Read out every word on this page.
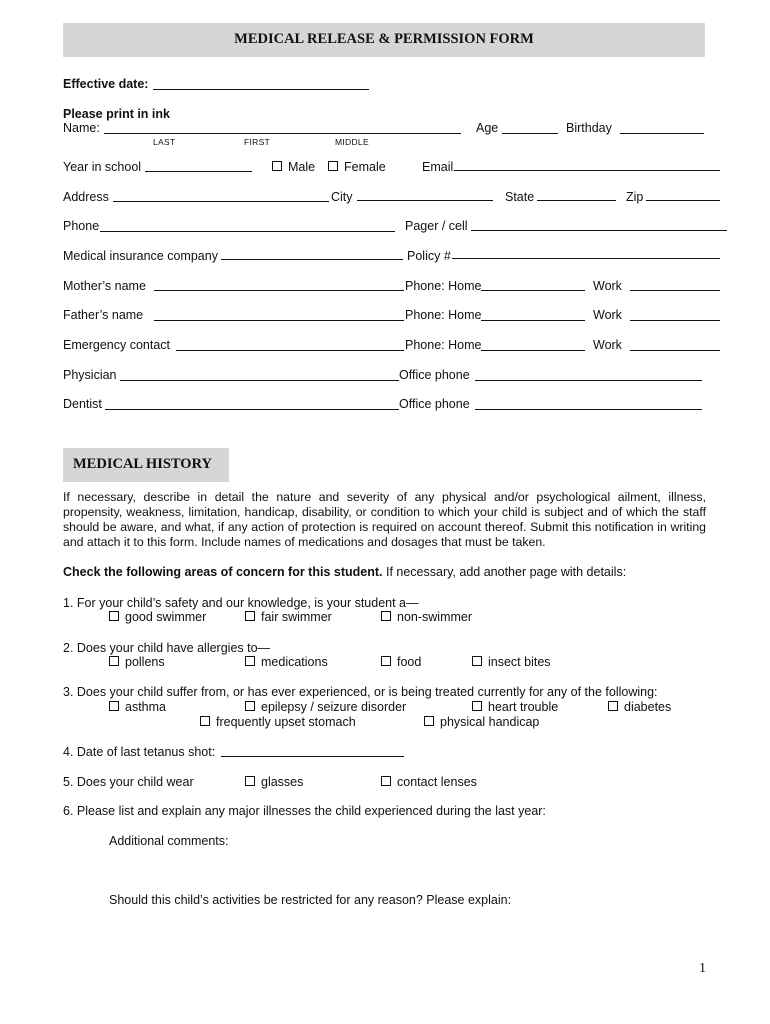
MEDICAL RELEASE & PERMISSION FORM
Effective date:
Please print in ink
Name:	Age	Birthday
LAST	FIRST	MIDDLE
Year in school	Male	Female	Email
Address	City	State	Zip
Phone	Pager / cell
Medical insurance company	Policy #
Mother’s name	Phone: Home	Work
Father’s name	Phone: Home	Work
Emergency contact	Phone: Home	Work
Physician	Office phone
Dentist	Office phone
MEDICAL HISTORY
If necessary, describe in detail the nature and severity of any physical and/or psychological ailment, illness, propensity, weakness, limitation, handicap, disability, or condition to which your child is subject and of which the staff should be aware, and what, if any action of protection is required on account thereof. Submit this notification in writing and attach it to this form. Include names of medications and dosages that must be taken.
Check the following areas of concern for this student. If necessary, add another page with details:
1. For your child’s safety and our knowledge, is your student a—
good swimmer	fair swimmer	non-swimmer
2. Does your child have allergies to—
pollens	medications	food	insect bites
3. Does your child suffer from, or has ever experienced, or is being treated currently for any of the following:
asthma	epilepsy / seizure disorder	heart trouble	diabetes
frequently upset stomach	physical handicap
4. Date of last tetanus shot:
5. Does your child wear	glasses	contact lenses
6. Please list and explain any major illnesses the child experienced during the last year:
Additional comments:
Should this child’s activities be restricted for any reason? Please explain:
1
